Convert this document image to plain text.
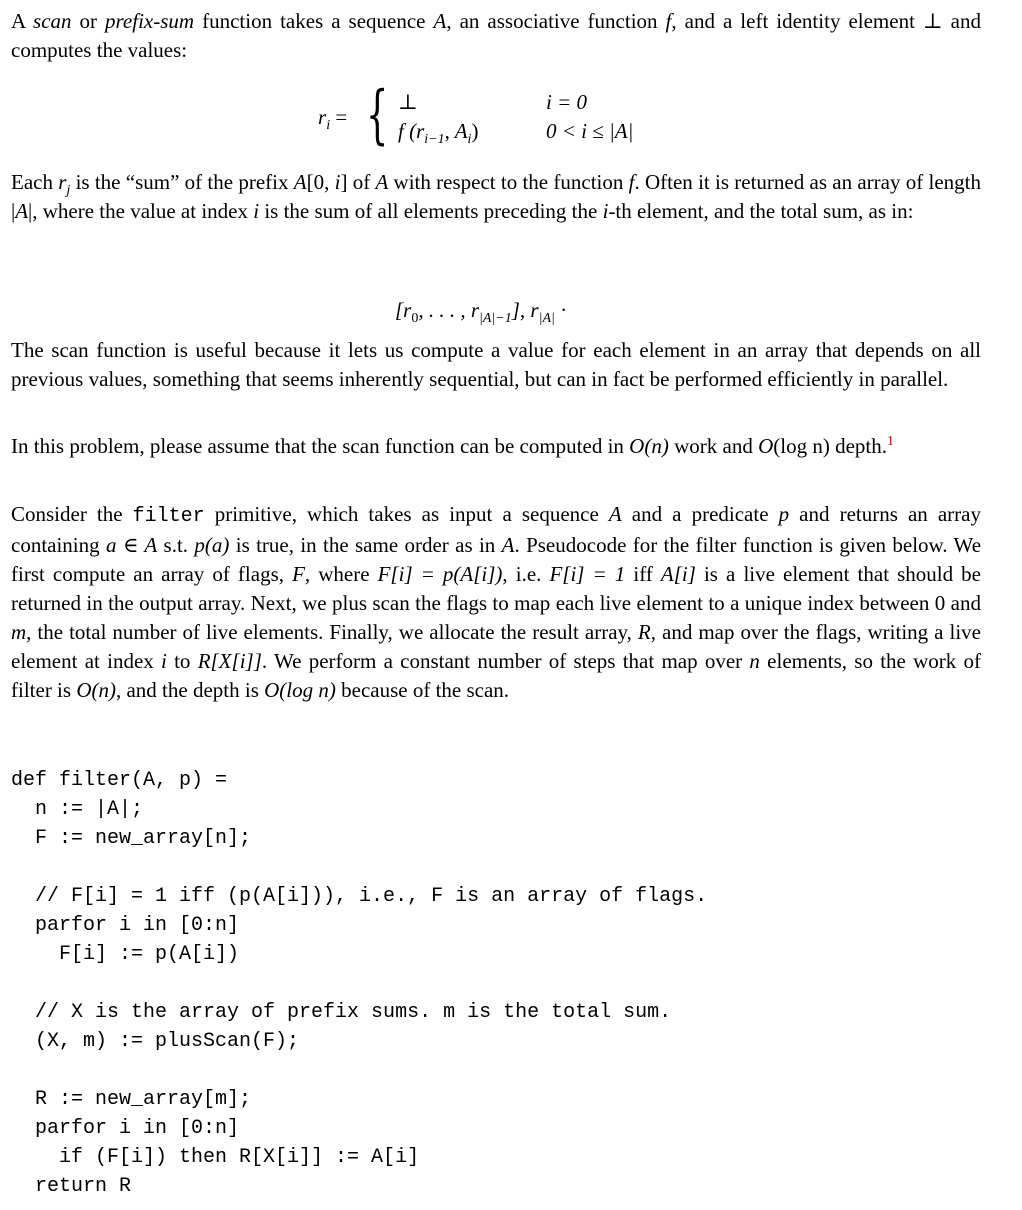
A scan or prefix-sum function takes a sequence A, an associative function f, and a left identity element ⊥ and computes the values:

$r_i$ = { ⊥
f ($r_{i-1}$, $A_i$)
i = 0
0 < i ≤ |A|

Each $r_j$ is the “sum” of the prefix A[0, i] of A with respect to the function f. Often it is returned as an array of length |A|, where the value at index i is the sum of all elements preceding the i-th element, and the total sum, as in:

[$r_0$, . . . , $r_{|A|-1}$], $r_{|A|}$ ·

The scan function is useful because it lets us compute a value for each element in an array that depends on all previous values, something that seems inherently sequential, but can in fact be performed efficiently in parallel.

In this problem, please assume that the scan function can be computed in O(n) work and O(log n) depth.$^1$

Consider the filter primitive, which takes as input a sequence A and a predicate p and returns an array containing a ∈ A s.t. p(a) is true, in the same order as in A. Pseudocode for the filter function is given below. We first compute an array of flags, F, where F[i] = p(A[i]), i.e. F[i] = 1 iff A[i] is a live element that should be returned in the output array. Next, we plus scan the flags to map each live element to a unique index between 0 and m, the total number of live elements. Finally, we allocate the result array, R, and map over the flags, writing a live element at index i to R[X[i]]. We perform a constant number of steps that map over n elements, so the work of filter is O(n), and the depth is O(log n) because of the scan.

def filter(A, p) =
n := |A|;
F := new_array[n];
// F[i] = 1 iff (p(A[i])), i.e., F is an array of flags.
parfor i in [0:n]
F[i] := p(A[i])
// X is the array of prefix sums. m is the total sum.
(X, m) := plusScan(F);
R := new_array[m];
parfor i in [0:n]
if (F[i]) then R[X[i]] := A[i]
return R
